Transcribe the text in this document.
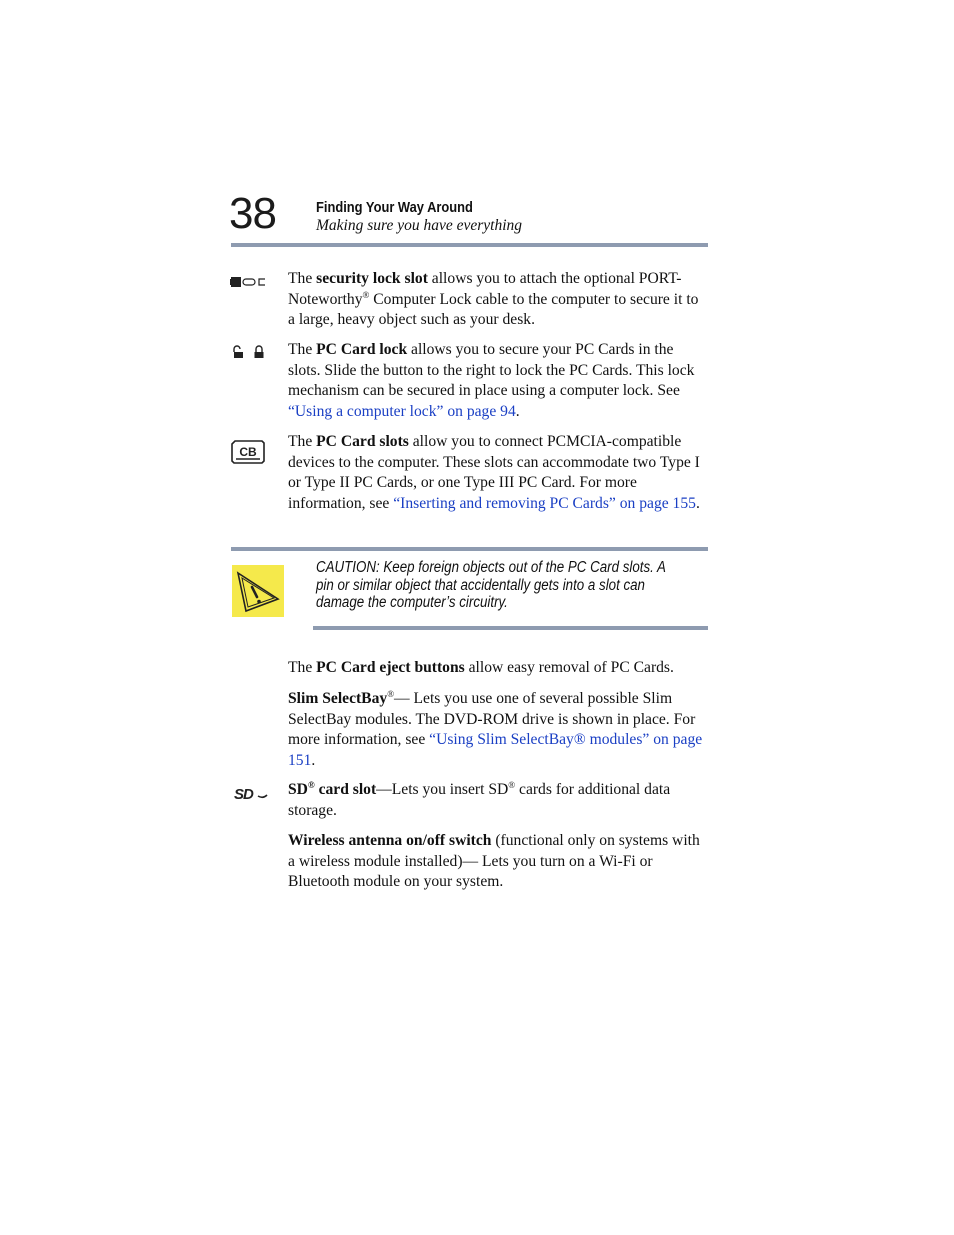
38	Finding Your Way Around
Making sure you have everything
The security lock slot allows you to attach the optional PORT-Noteworthy® Computer Lock cable to the computer to secure it to a large, heavy object such as your desk.
The PC Card lock allows you to secure your PC Cards in the slots. Slide the button to the right to lock the PC Cards. This lock mechanism can be secured in place using a computer lock. See “Using a computer lock” on page 94.
CB
The PC Card slots allow you to connect PCMCIA-compatible devices to the computer. These slots can accommodate two Type I or Type II PC Cards, or one Type III PC Card. For more information, see “Inserting and removing PC Cards” on page 155.
CAUTION: Keep foreign objects out of the PC Card slots. A pin or similar object that accidentally gets into a slot can damage the computer’s circuitry.
The PC Card eject buttons allow easy removal of PC Cards.
Slim SelectBay®— Lets you use one of several possible Slim SelectBay modules. The DVD-ROM drive is shown in place. For more information, see “Using Slim SelectBay® modules” on page 151.
SD SD® card slot—Lets you insert SD® cards for additional data storage.
Wireless antenna on/off switch (functional only on systems with a wireless module installed)— Lets you turn on a Wi-Fi or Bluetooth module on your system.
